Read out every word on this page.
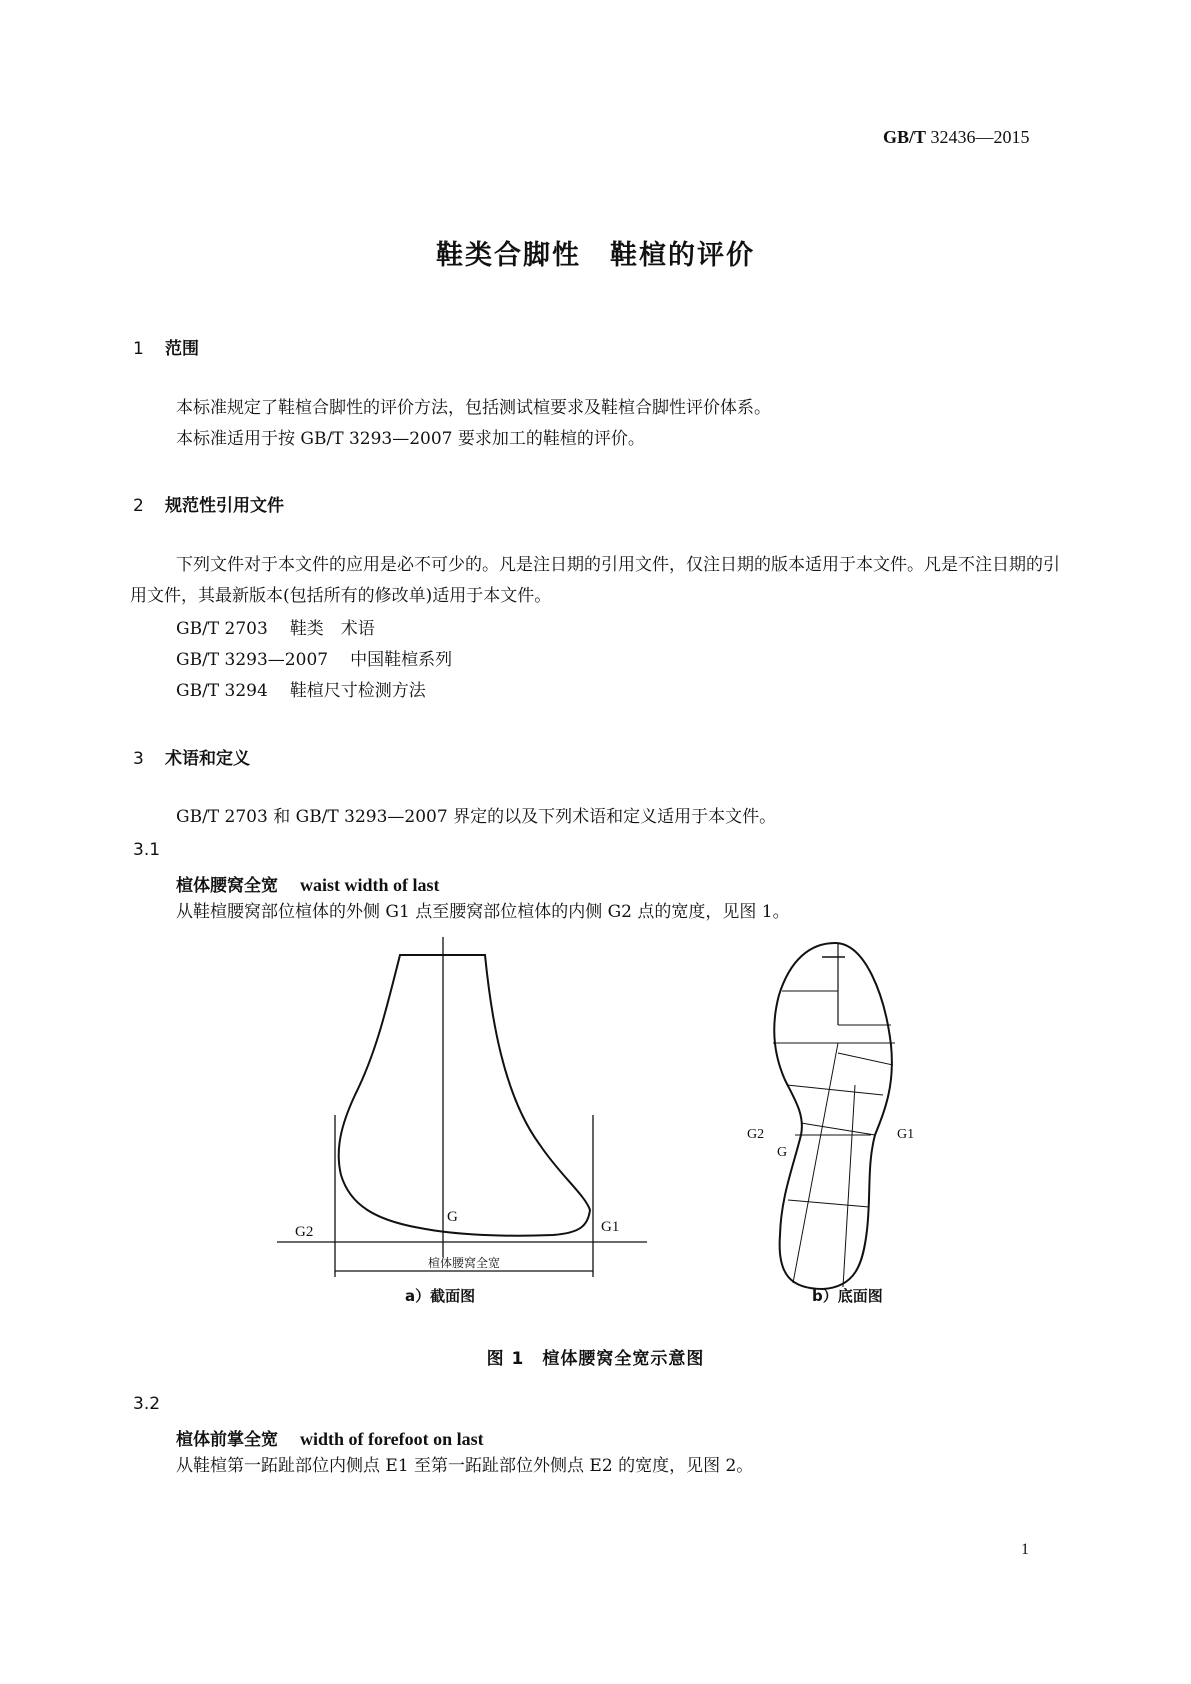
GB/T 32436—2015
鞋类合脚性　鞋楦的评价
1 范围
本标准规定了鞋楦合脚性的评价方法，包括测试楦要求及鞋楦合脚性评价体系。
本标准适用于按 GB/T 3293—2007 要求加工的鞋楦的评价。
2 规范性引用文件
下列文件对于本文件的应用是必不可少的。凡是注日期的引用文件，仅注日期的版本适用于本文件。凡是不注日期的引用文件，其最新版本(包括所有的修改单)适用于本文件。
GB/T 2703 鞋类　术语
GB/T 3293—2007 中国鞋楦系列
GB/T 3294 鞋楦尺寸检测方法
3 术语和定义
GB/T 2703 和 GB/T 3293—2007 界定的以及下列术语和定义适用于本文件。
3.1
楦体腰窝全宽 waist width of last
从鞋楦腰窝部位楦体的外侧 G1 点至腰窝部位楦体的内侧 G2 点的宽度，见图 1。
G2
G
G1
楦体腰窝全宽
G2
G
G1
a）截面图	b）底面图
图 1　楦体腰窝全宽示意图
3.2
楦体前掌全宽 width of forefoot on last
从鞋楦第一跖趾部位内侧点 E1 至第一跖趾部位外侧点 E2 的宽度，见图 2。
1
